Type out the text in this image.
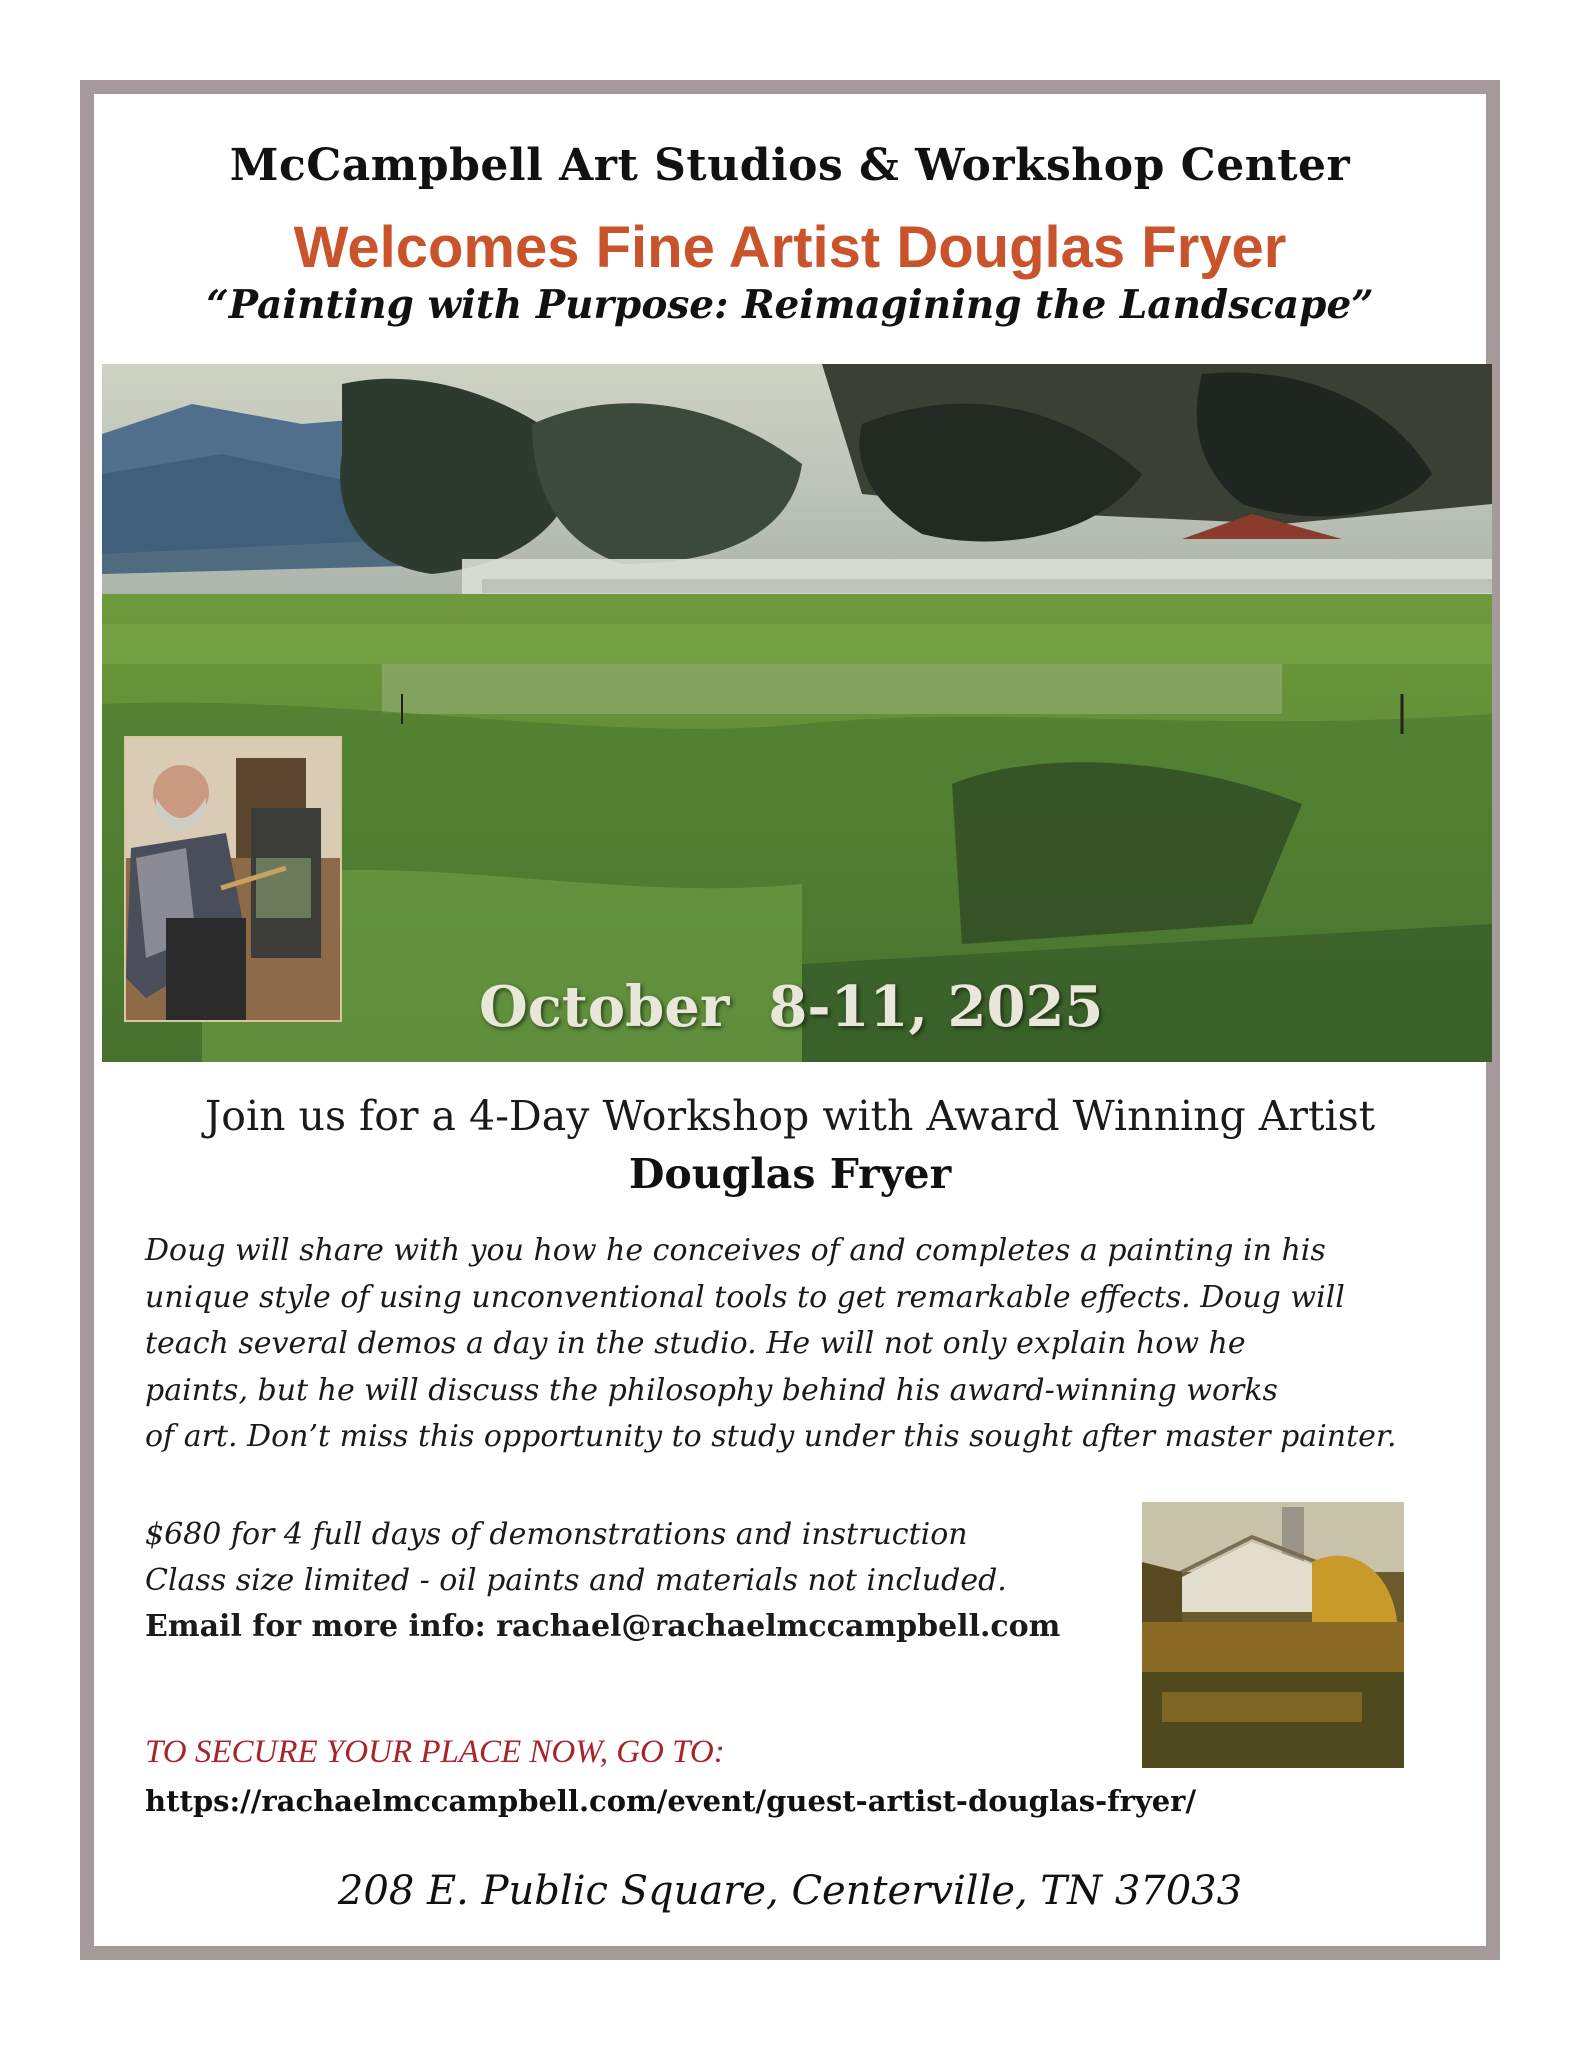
McCampbell Art Studios & Workshop Center
Welcomes Fine Artist Douglas Fryer
“Painting with Purpose: Reimagining the Landscape”
October  8-11, 2025
Join us for a 4-Day Workshop with Award Winning Artist
Douglas Fryer
Doug will share with you how he conceives of and completes a painting in his
unique style of using unconventional tools to get remarkable effects. Doug will
teach several demos a day in the studio. He will not only explain how he
paints, but he will discuss the philosophy behind his award-winning works
of art. Don’t miss this opportunity to study under this sought after master painter.
$680 for 4 full days of demonstrations and instruction
Class size limited - oil paints and materials not included.
Email for more info: rachael@rachaelmccampbell.com
TO SECURE YOUR PLACE NOW, GO TO:
https://rachaelmccampbell.com/event/guest-artist-douglas-fryer/
208 E. Public Square, Centerville, TN 37033
